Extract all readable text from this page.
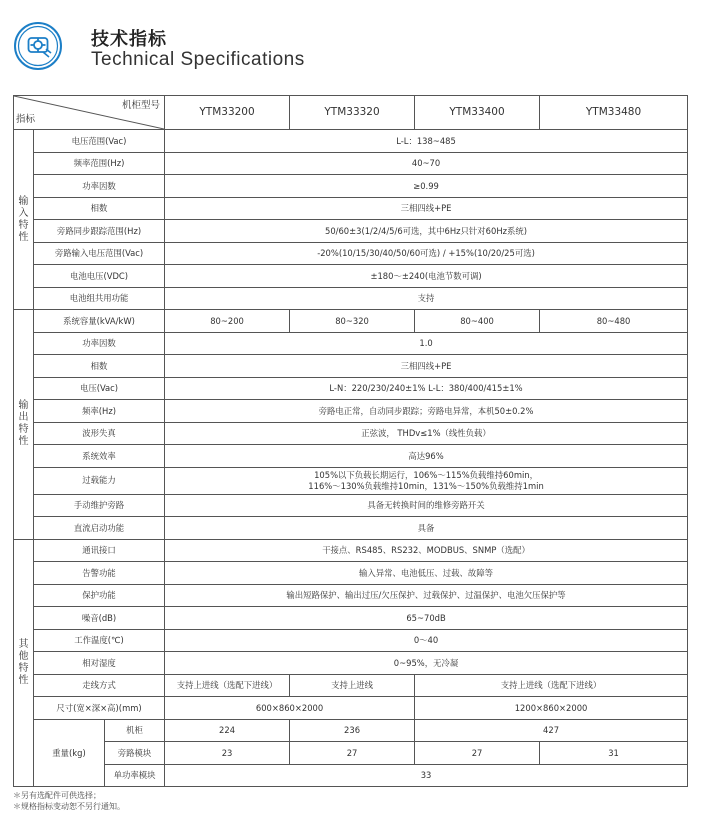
技术指标
Technical Specifications
机柜型号
指标			YTM33200	YTM33320	YTM33400	YTM33480
输
入
特
性	电压范围(Vac)		L-L：138~485			
	频率范围(Hz)		40~70			
	功率因数		≥0.99			
	相数		三相四线+PE			
	旁路同步跟踪范围(Hz)		50/60±3(1/2/4/5/6可选，其中6Hz只针对60Hz系统)			
	旁路输入电压范围(Vac)		-20%(10/15/30/40/50/60可选) / +15%(10/20/25可选)			
	电池电压(VDC)		±180～±240(电池节数可调)			
	电池组共用功能		支持			
输
出
特
性	系统容量(kVA/kW)		80~200	80~320	80~400	80~480
	功率因数		1.0			
	相数		三相四线+PE			
	电压(Vac)		L-N：220/230/240±1% L-L：380/400/415±1%			
	频率(Hz)		旁路电正常，自动同步跟踪；旁路电异常，本机50±0.2%			
	波形失真		正弦波， THDv≤1%（线性负载）			
	系统效率		高达96%			
	过载能力		105%以下负载长期运行，106%～115%负载维持60min，
116%～130%负载维持10min，131%～150%负载维持1min			

	手动维护旁路		具备无转换时间的维修旁路开关			
	直流启动功能		具备			
其
他
特
性	通讯接口		干接点、RS485、RS232、MODBUS、SNMP（选配）			
	告警功能		输入异常、电池低压、过载、故障等			
	保护功能		输出短路保护、输出过压/欠压保护、过载保护、过温保护、电池欠压保护等			
	噪音(dB)		65~70dB			
	工作温度(℃)		0～40			
	相对湿度		0~95%，无冷凝			
	走线方式		支持上进线（选配下进线）	支持上进线	支持上进线（选配下进线）	
	尺寸(宽×深×高)(mm)		600×860×2000		1200×860×2000	
	重量(kg)	机柜	224	236	427	
		旁路模块	23	27	27	31
		单功率模块	33			
＊另有选配件可供选择；
＊规格指标变动恕不另行通知。
